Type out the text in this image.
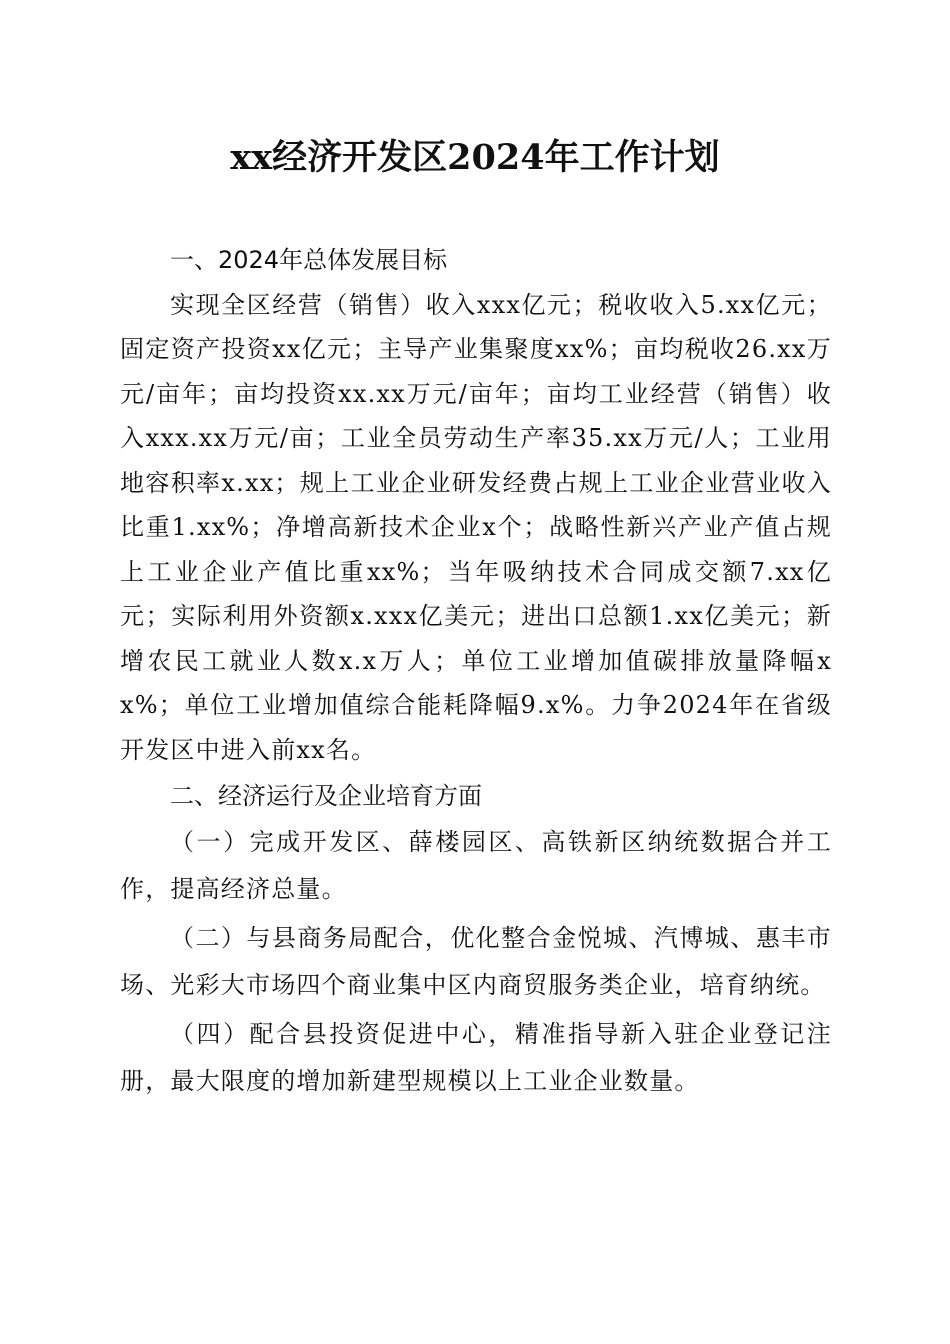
xx经济开发区2024年工作计划
一、2024年总体发展目标

实现全区经营（销售）收入xxx亿元；税收收入5.xx亿元；固定资产投资xx亿元；主导产业集聚度xx%；亩均税收26.xx万元/亩年；亩均投资xx.xx万元/亩年；亩均工业经营（销售）收入xxx.xx万元/亩；工业全员劳动生产率35.xx万元/人；工业用地容积率x.xx；规上工业企业研发经费占规上工业企业营业收入比重1.xx%；净增高新技术企业x个；战略性新兴产业产值占规上工业企业产值比重xx%；当年吸纳技术合同成交额7.xx亿元；实际利用外资额x.xxx亿美元；进出口总额1.xx亿美元；新增农民工就业人数x.x万人；单位工业增加值碳排放量降幅xx%；单位工业增加值综合能耗降幅9.x%。力争2024年在省级开发区中进入前xx名。

二、经济运行及企业培育方面

（一）完成开发区、薛楼园区、高铁新区纳统数据合并工作，提高经济总量。

（二）与县商务局配合，优化整合金悦城、汽博城、惠丰市场、光彩大市场四个商业集中区内商贸服务类企业，培育纳统。

（四）配合县投资促进中心，精准指导新入驻企业登记注册，最大限度的增加新建型规模以上工业企业数量。
